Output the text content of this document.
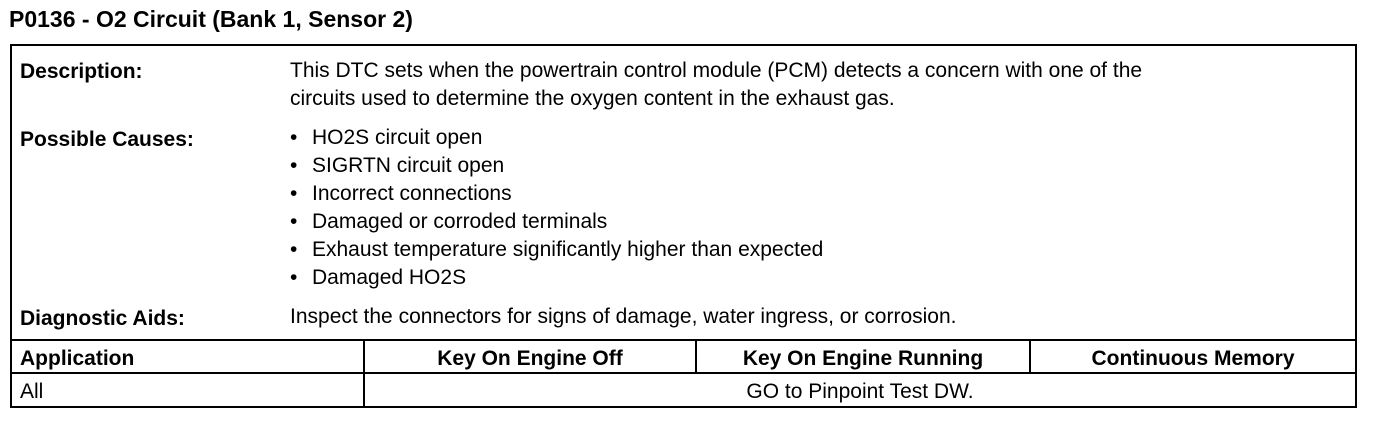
P0136 - O2 Circuit (Bank 1, Sensor 2)
Description:	This DTC sets when the powertrain control module (PCM) detects a concern with one of the
circuits used to determine the oxygen content in the exhaust gas.
Possible Causes:
•	HO2S circuit open
• SIGRTN circuit open
• Incorrect connections
• Damaged or corroded terminals
• Exhaust temperature significantly higher than expected
• Damaged HO2S
Diagnostic Aids:	Inspect the connectors for signs of damage, water ingress, or corrosion.
Application	Key On Engine Off	Key On Engine Running	Continuous Memory
All	GO to Pinpoint Test DW.
